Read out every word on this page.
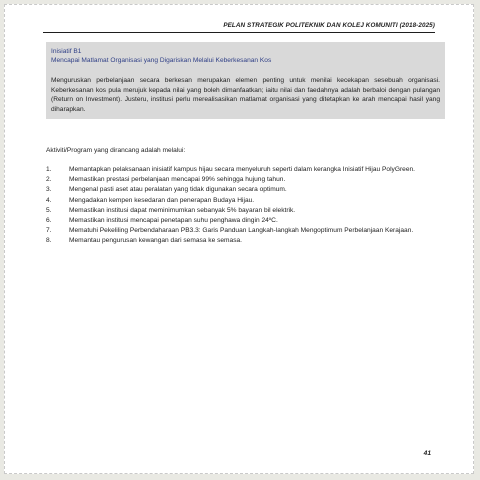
PELAN STRATEGIK POLITEKNIK DAN KOLEJ KOMUNITI (2018-2025)
Inisiatif B1
Mencapai Matlamat Organisasi yang Digariskan Melalui Keberkesanan Kos
Menguruskan perbelanjaan secara berkesan merupakan elemen penting untuk menilai kecekapan sesebuah organisasi. Keberkesanan kos pula merujuk kepada nilai yang boleh dimanfaatkan; iaitu nilai dan faedahnya adalah berbaloi dengan pulangan (Return on Investment). Justeru, institusi perlu merealisasikan matlamat organisasi yang ditetapkan ke arah mencapai hasil yang diharapkan.
Aktiviti/Program yang dirancang adalah melalui:
1.	Memantapkan pelaksanaan inisiatif kampus hijau secara menyeluruh seperti dalam kerangka Inisiatif Hijau PolyGreen.
2.	Memastikan prestasi perbelanjaan mencapai 99% sehingga hujung tahun.
3.	Mengenal pasti aset atau peralatan yang tidak digunakan secara optimum.
4.	Mengadakan kempen kesedaran dan penerapan Budaya Hijau.
5.	Memastikan institusi dapat meminimumkan sebanyak 5% bayaran bil elektrik.
6.	Memastikan institusi mencapai penetapan suhu penghawa dingin 24ºC.
7.	Mematuhi Pekeliling Perbendaharaan PB3.3: Garis Panduan Langkah-langkah Mengoptimum Perbelanjaan Kerajaan.
8.	Memantau pengurusan kewangan dari semasa ke semasa.
41
